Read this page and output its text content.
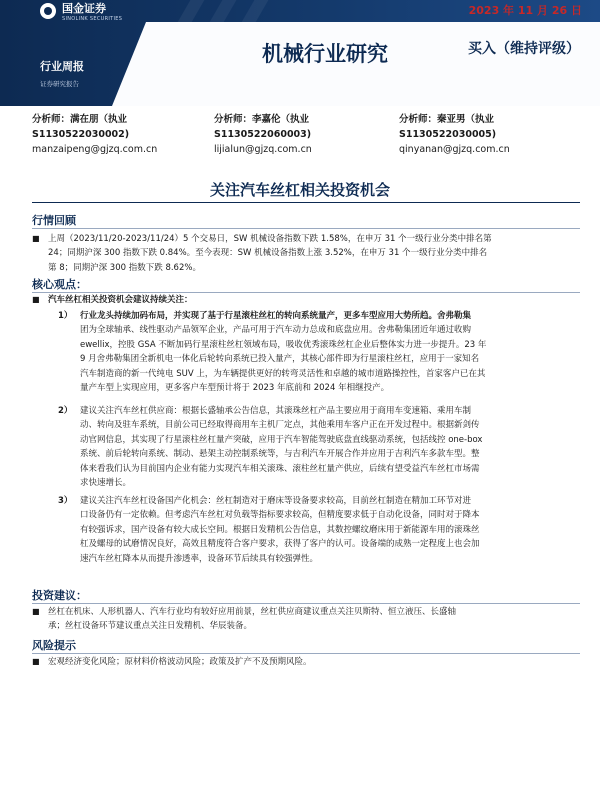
国金证券
SINOLINK SECURITIES
2023 年 11 月 26 日
机械行业研究	买入（维持评级）
行业周报
证券研究报告
分析师：满在朋（执业
S1130522030002)
manzaipeng@gjzq.com.cn
分析师：李嘉伦（执业
S1130522060003)
lijialun@gjzq.com.cn
分析师：秦亚男（执业
S1130522030005)
qinyanan@gjzq.com.cn
关注汽车丝杠相关投资机会
行情回顾
■ 上周（2023/11/20-2023/11/24）5 个交易日，SW 机械设备指数下跌 1.58%，在申万 31 个一级行业分类中排名第
24；同期沪深 300 指数下跌 0.84%。至今表现：SW 机械设备指数上涨 3.52%，在申万 31 个一级行业分类中排名
第 8；同期沪深 300 指数下跌 8.62%。
核心观点：
■ 汽车丝杠相关投资机会建议持续关注：
1） 行业龙头持续加码布局，并实现了基于行星滚柱丝杠的转向系统量产，更多车型应用大势所趋。舍弗勒集
团为全球轴承、线性驱动产品领军企业，产品可用于汽车动力总成和底盘应用。舍弗勒集团近年通过收购
ewellix，控股 GSA 不断加码行星滚柱丝杠领域布局，吸收优秀滚珠丝杠企业后整体实力进一步提升。23 年
9 月舍弗勒集团全新机电一体化后轮转向系统已投入量产，其核心部件即为行星滚柱丝杠，应用于一家知名
汽车制造商的新一代纯电 SUV 上，为车辆提供更好的转弯灵活性和卓越的城市道路操控性，首家客户已在其
量产车型上实现应用，更多客户车型预计将于 2023 年底前和 2024 年相继投产。
2） 建议关注汽车丝杠供应商：根据长盛轴承公告信息，其滚珠丝杠产品主要应用于商用车变速箱、乘用车制
动、转向及驻车系统，目前公司已经取得商用车主机厂定点，其他乘用车客户正在开发过程中。根据新剑传
动官网信息，其实现了行星滚柱丝杠量产突破，应用于汽车智能驾驶底盘直线驱动系统，包括线控 one-box
系统、前后轮转向系统、制动、悬架主动控制系统等，与吉利汽车开展合作并应用于吉利汽车多款车型。整
体来看我们认为目前国内企业有能力实现汽车相关滚珠、滚柱丝杠量产供应，后续有望受益汽车丝杠市场需
求快速增长。
3） 建议关注汽车丝杠设备国产化机会：丝杠制造对于磨床等设备要求较高，目前丝杠制造在精加工环节对进
口设备仍有一定依赖。但考虑汽车丝杠对负载等指标要求较高，但精度要求低于自动化设备，同时对于降本
有较强诉求，国产设备有较大成长空间。根据日发精机公告信息，其数控螺纹磨床用于新能源车用的滚珠丝
杠及螺母的试磨情况良好，高效且精度符合客户要求，获得了客户的认可。设备端的成熟一定程度上也会加
速汽车丝杠降本从而提升渗透率，设备环节后续具有较强弹性。
投资建议：
■ 丝杠在机床、人形机器人、汽车行业均有较好应用前景，丝杠供应商建议重点关注贝斯特、恒立液压、长盛轴
承；丝杠设备环节建议重点关注日发精机、华辰装备。
风险提示
■ 宏观经济变化风险；原材料价格波动风险；政策及扩产不及预期风险。
